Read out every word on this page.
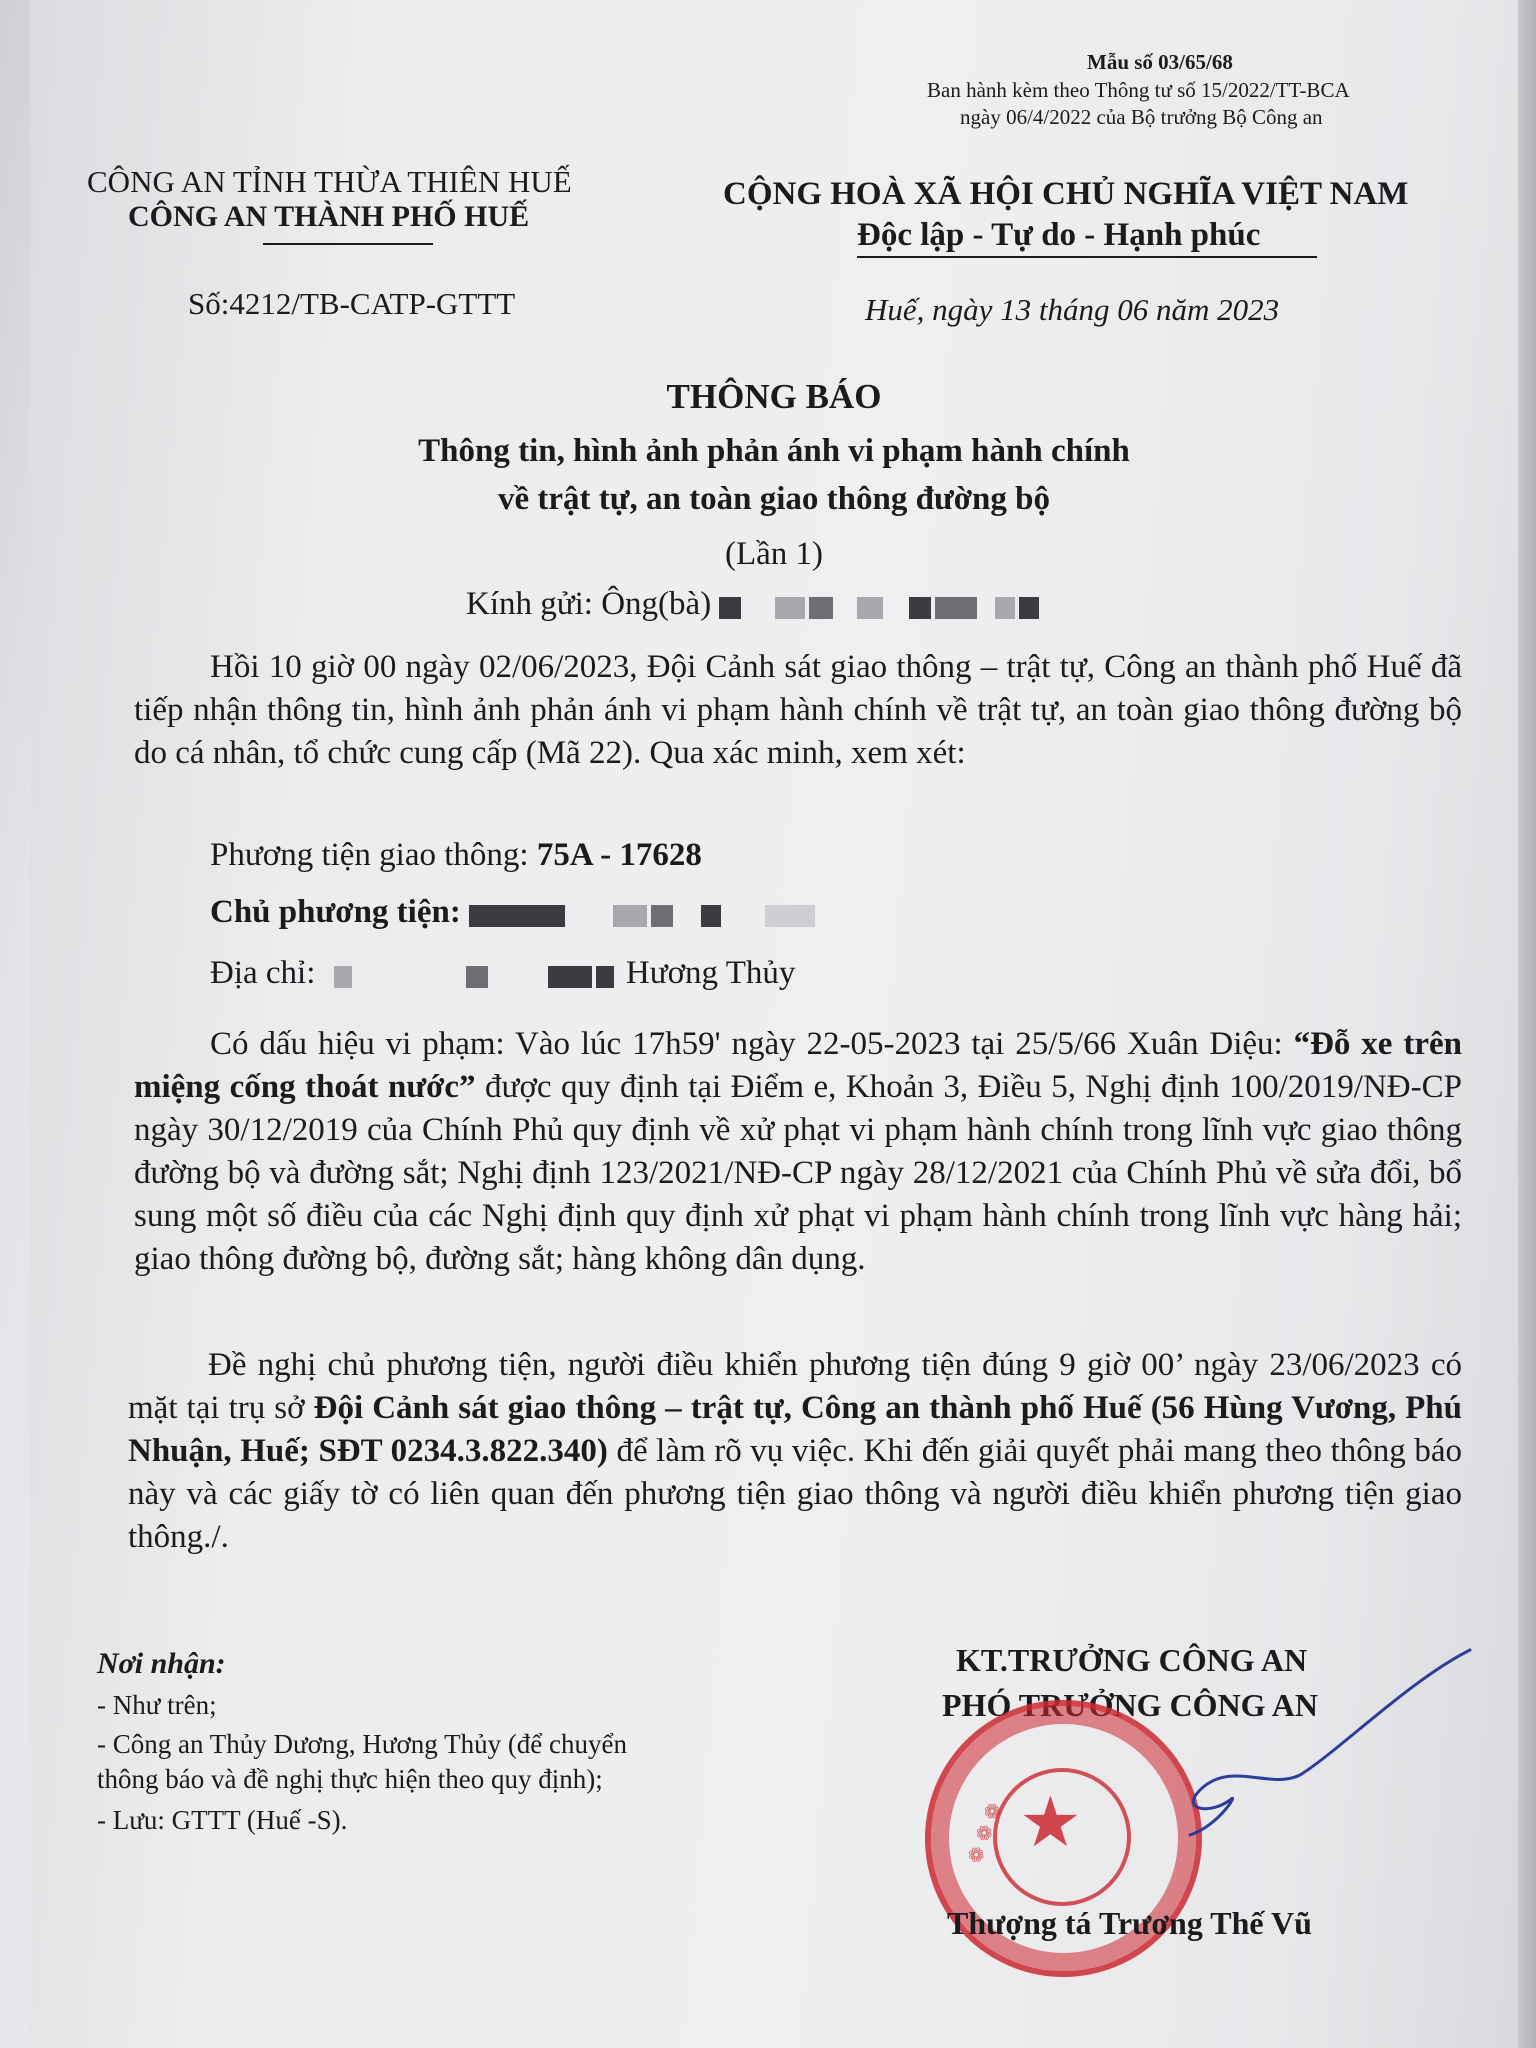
Mẫu số 03/65/68
Ban hành kèm theo Thông tư số 15/2022/TT-BCA
ngày 06/4/2022 của Bộ trưởng Bộ Công an
CÔNG AN TỈNH THỪA THIÊN HUẾ
CÔNG AN THÀNH PHỐ HUẾ
Số:4212/TB-CATP-GTTT
CỘNG HOÀ XÃ HỘI CHỦ NGHĨA VIỆT NAM
Độc lập - Tự do - Hạnh phúc
Huế, ngày 13 tháng 06 năm 2023
THÔNG BÁO
Thông tin, hình ảnh phản ánh vi phạm hành chính
về trật tự, an toàn giao thông đường bộ
(Lần 1)
Kính gửi: Ông(bà)
Hồi 10 giờ 00 ngày 02/06/2023, Đội Cảnh sát giao thông – trật tự, Công an thành phố Huế đã tiếp nhận thông tin, hình ảnh phản ánh vi phạm hành chính về trật tự, an toàn giao thông đường bộ do cá nhân, tổ chức cung cấp (Mã 22). Qua xác minh, xem xét:
Phương tiện giao thông: 75A - 17628
Chủ phương tiện:
Địa chỉ:	Hương Thủy
Có dấu hiệu vi phạm: Vào lúc 17h59' ngày 22-05-2023 tại 25/5/66 Xuân Diệu: “Đỗ xe trên miệng cống thoát nước” được quy định tại Điểm e, Khoản 3, Điều 5, Nghị định 100/2019/NĐ-CP ngày 30/12/2019 của Chính Phủ quy định về xử phạt vi phạm hành chính trong lĩnh vực giao thông đường bộ và đường sắt; Nghị định 123/2021/NĐ-CP ngày 28/12/2021 của Chính Phủ về sửa đổi, bổ sung một số điều của các Nghị định quy định xử phạt vi phạm hành chính trong lĩnh vực hàng hải; giao thông đường bộ, đường sắt; hàng không dân dụng.
Đề nghị chủ phương tiện, người điều khiển phương tiện đúng 9 giờ 00’ ngày 23/06/2023 có mặt tại trụ sở Đội Cảnh sát giao thông – trật tự, Công an thành phố Huế (56 Hùng Vương, Phú Nhuận, Huế; SĐT 0234.3.822.340) để làm rõ vụ việc. Khi đến giải quyết phải mang theo thông báo này và các giấy tờ có liên quan đến phương tiện giao thông và người điều khiển phương tiện giao thông./.
Nơi nhận:
- Như trên;
- Công an Thủy Dương, Hương Thủy (để chuyển
thông báo và đề nghị thực hiện theo quy định);
- Lưu: GTTT (Huế -S).
KT.TRƯỞNG CÔNG AN
PHÓ TRƯỞNG CÔNG AN
★
❁ ❁ ❁
Thượng tá Trương Thế Vũ
